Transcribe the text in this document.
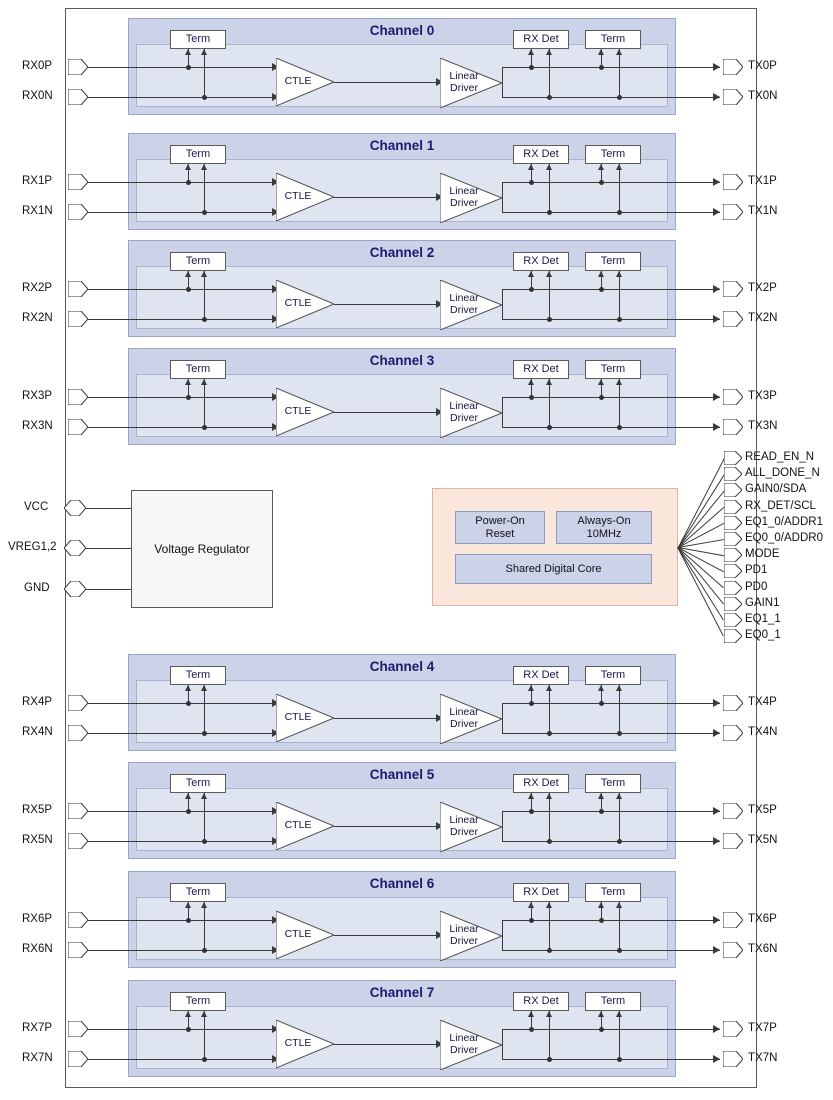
Channel 0
RX0P
RX0N
Term
CTLE	Linear
Driver
RX Det	Term
TX0P
TX0N
Channel 1
RX1P
RX1N
Term
CTLE	Linear
Driver
RX Det	Term
TX1P
TX1N
Channel 2
RX2P
RX2N
Term
CTLE	Linear
Driver
RX Det	Term
TX2P
TX2N
Channel 3
RX3P
RX3N
Term
CTLE	Linear
Driver
RX Det	Term
TX3P
TX3N
Channel 4
RX4P
RX4N
Term
CTLE	Linear
Driver
RX Det	Term
TX4P
TX4N
Channel 5
RX5P
RX5N
Term
CTLE	Linear
Driver
RX Det	Term
TX5P
TX5N
Channel 6
RX6P
RX6N
Term
CTLE	Linear
Driver
RX Det	Term
TX6P
TX6N
Channel 7
RX7P
RX7N
Term
CTLE	Linear
Driver
RX Det	Term
TX7P
TX7N
Voltage Regulator
VCC
VREG1,2
GND
Power-On
Reset
Always-On
10MHz
Shared Digital Core
READ_EN_N
ALL_DONE_N
GAIN0/SDA
RX_DET/SCL
EQ1_0/ADDR1
EQ0_0/ADDR0
MODE
PD1
PD0
GAIN1
EQ1_1
EQ0_1
